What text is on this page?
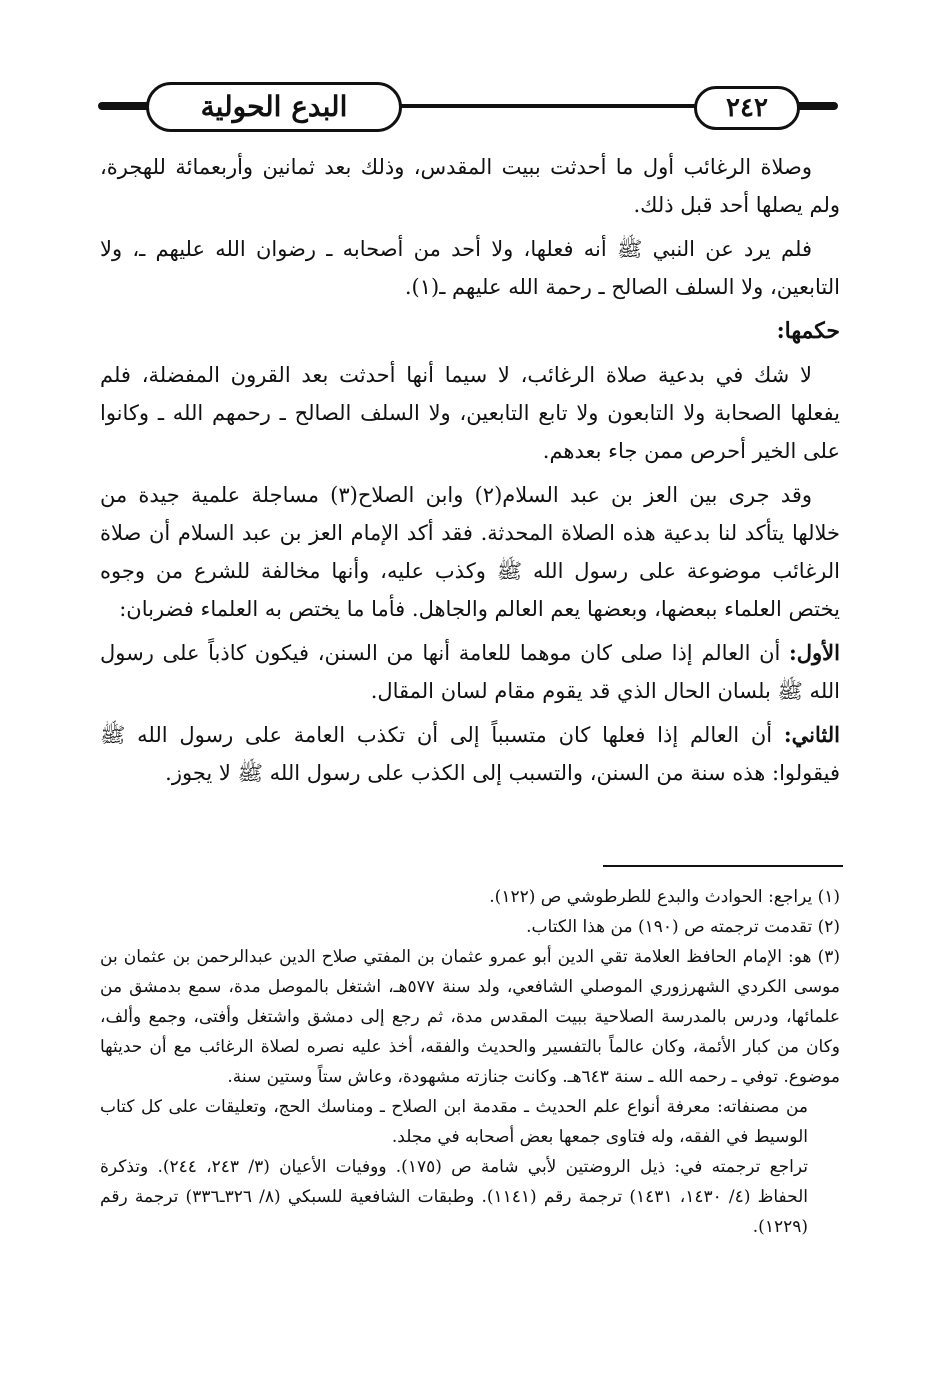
٢٤٢
البدع الحولية

وصلاة الرغائب أول ما أحدثت ببيت المقدس، وذلك بعد ثمانين وأربعمائة للهجرة، ولم يصلها أحد قبل ذلك.

فلم يرد عن النبي ﷺ أنه فعلها، ولا أحد من أصحابه ـ رضوان الله عليهم ـ، ولا التابعين، ولا السلف الصالح ـ رحمة الله عليهم ـ(١).

حكمها:

لا شك في بدعية صلاة الرغائب، لا سيما أنها أحدثت بعد القرون المفضلة، فلم يفعلها الصحابة ولا التابعون ولا تابع التابعين، ولا السلف الصالح ـ رحمهم الله ـ وكانوا على الخير أحرص ممن جاء بعدهم.

وقد جرى بين العز بن عبد السلام(٢) وابن الصلاح(٣) مساجلة علمية جيدة من خلالها يتأكد لنا بدعية هذه الصلاة المحدثة. فقد أكد الإمام العز بن عبد السلام أن صلاة الرغائب موضوعة على رسول الله ﷺ وكذب عليه، وأنها مخالفة للشرع من وجوه يختص العلماء ببعضها، وبعضها يعم العالم والجاهل. فأما ما يختص به العلماء فضربان:

الأول: أن العالم إذا صلى كان موهما للعامة أنها من السنن، فيكون كاذباً على رسول الله ﷺ بلسان الحال الذي قد يقوم مقام لسان المقال.

الثاني: أن العالم إذا فعلها كان متسبباً إلى أن تكذب العامة على رسول الله ﷺ فيقولوا: هذه سنة من السنن، والتسبب إلى الكذب على رسول الله ﷺ لا يجوز.

(١) يراجع: الحوادث والبدع للطرطوشي ص (١٢٢).

(٢) تقدمت ترجمته ص (١٩٠) من هذا الكتاب.

(٣) هو: الإمام الحافظ العلامة تقي الدين أبو عمرو عثمان بن المفتي صلاح الدين عبدالرحمن بن عثمان بن موسى الكردي الشهرزوري الموصلي الشافعي، ولد سنة ٥٧٧هـ، اشتغل بالموصل مدة، سمع بدمشق من علمائها، ودرس بالمدرسة الصلاحية ببيت المقدس مدة، ثم رجع إلى دمشق واشتغل وأفتى، وجمع وألف، وكان من كبار الأئمة، وكان عالماً بالتفسير والحديث والفقه، أخذ عليه نصره لصلاة الرغائب مع أن حديثها موضوع. توفي ـ رحمه الله ـ سنة ٦٤٣هـ. وكانت جنازته مشهودة، وعاش ستاً وستين سنة.

من مصنفاته: معرفة أنواع علم الحديث ـ مقدمة ابن الصلاح ـ ومناسك الحج، وتعليقات على كل كتاب الوسيط في الفقه، وله فتاوى جمعها بعض أصحابه في مجلد.

تراجع ترجمته في: ذيل الروضتين لأبي شامة ص (١٧٥). ووفيات الأعيان (٣/ ٢٤٣، ٢٤٤). وتذكرة الحفاظ (٤/ ١٤٣٠، ١٤٣١) ترجمة رقم (١١٤١). وطبقات الشافعية للسبكي (٨/ ٣٢٦ـ٣٣٦) ترجمة رقم (١٢٢٩).
